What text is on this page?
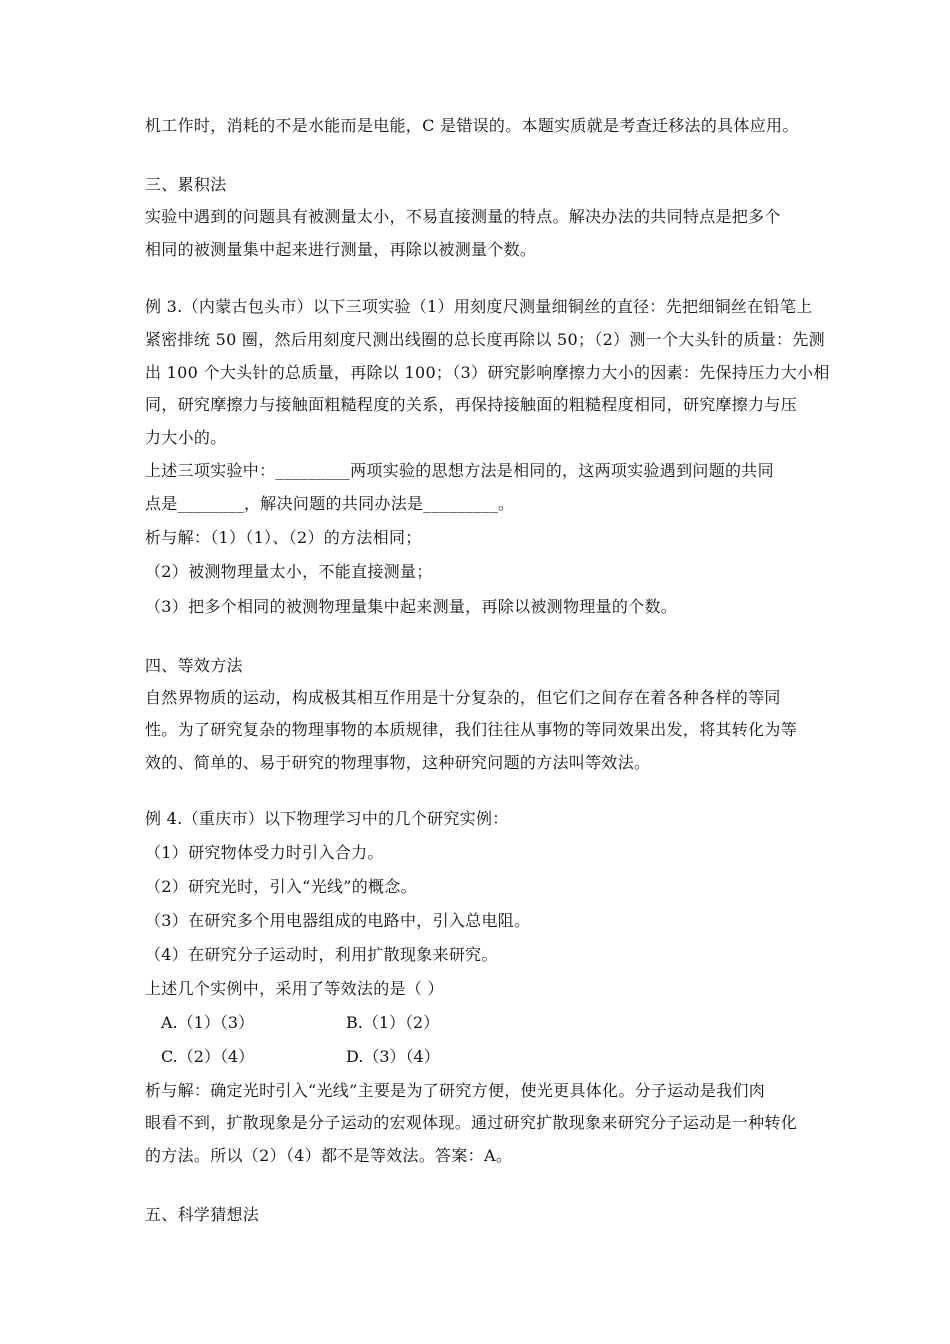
机工作时，消耗的不是水能而是电能，C 是错误的。本题实质就是考查迁移法的具体应用。
三、累积法
实验中遇到的问题具有被测量太小，不易直接测量的特点。解决办法的共同特点是把多个
相同的被测量集中起来进行测量，再除以被测量个数。
例 3.（内蒙古包头市）以下三项实验（1）用刻度尺测量细铜丝的直径：先把细铜丝在铅笔上
紧密排统 50 圈，然后用刻度尺测出线圈的总长度再除以 50；（2）测一个大头针的质量：先测
出 100 个大头针的总质量，再除以 100；（3）研究影响摩擦力大小的因素：先保持压力大小相
同，研究摩擦力与接触面粗糙程度的关系，再保持接触面的粗糙程度相同，研究摩擦力与压
力大小的。
上述三项实验中：_________两项实验的思想方法是相同的，这两项实验遇到问题的共同
点是________，解决问题的共同办法是_________。
析与解：（1）（1）、（2）的方法相同；
（2）被测物理量太小，不能直接测量；
（3）把多个相同的被测物理量集中起来测量，再除以被测物理量的个数。
四、等效方法
自然界物质的运动，构成极其相互作用是十分复杂的，但它们之间存在着各种各样的等同
性。为了研究复杂的物理事物的本质规律，我们往往从事物的等同效果出发，将其转化为等
效的、简单的、易于研究的物理事物，这种研究问题的方法叫等效法。
例 4.（重庆市）以下物理学习中的几个研究实例：
（1）研究物体受力时引入合力。
（2）研究光时，引入“光线”的概念。
（3）在研究多个用电器组成的电路中，引入总电阻。
（4）在研究分子运动时，利用扩散现象来研究。
上述几个实例中，采用了等效法的是（ ）
A.（1）（3）	B.（1）（2）
C.（2）（4）	D.（3）（4）
析与解：确定光时引入“光线”主要是为了研究方便，使光更具体化。分子运动是我们肉
眼看不到，扩散现象是分子运动的宏观体现。通过研究扩散现象来研究分子运动是一种转化
的方法。所以（2）（4）都不是等效法。答案：A。
五、科学猜想法
